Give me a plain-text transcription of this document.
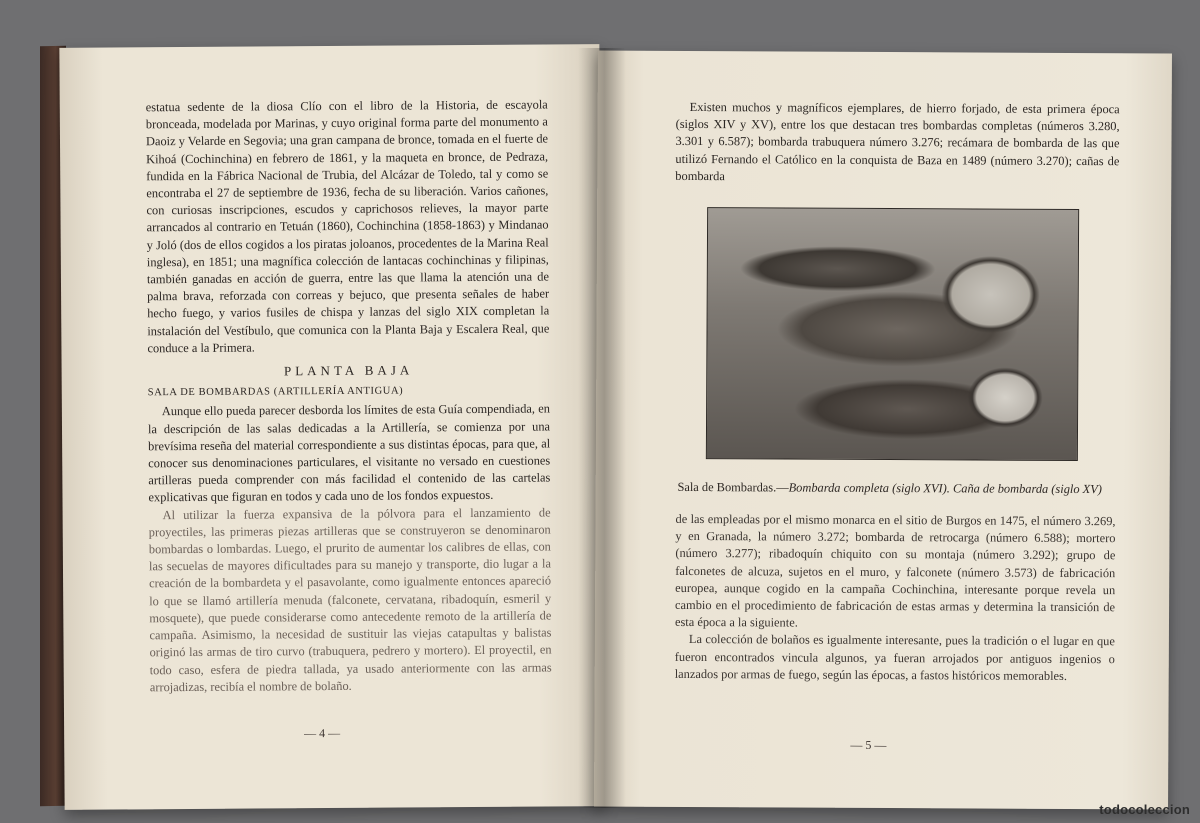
estatua sedente de la diosa Clío con el libro de la Historia, de escayola bronceada, modelada por Marinas, y cuyo original forma parte del monumento a Daoiz y Velarde en Segovia; una gran campana de bronce, tomada en el fuerte de Kihoá (Cochinchina) en febrero de 1861, y la maqueta en bronce, de Pedraza, fundida en la Fábrica Nacional de Trubia, del Alcázar de Toledo, tal y como se encontraba el 27 de septiembre de 1936, fecha de su liberación. Varios cañones, con curiosas inscripciones, escudos y caprichosos relieves, la mayor parte arrancados al contrario en Tetuán (1860), Cochinchina (1858-1863) y Mindanao y Joló (dos de ellos cogidos a los piratas joloanos, procedentes de la Marina Real inglesa), en 1851; una magnífica colección de lantacas cochinchinas y filipinas, también ganadas en acción de guerra, entre las que llama la atención una de palma brava, reforzada con correas y bejuco, que presenta señales de haber hecho fuego, y varios fusiles de chispa y lanzas del siglo XIX completan la instalación del Vestíbulo, que comunica con la Planta Baja y Escalera Real, que conduce a la Primera.

PLANTA BAJA
SALA DE BOMBARDAS (ARTILLERÍA ANTIGUA)

Aunque ello pueda parecer desborda los límites de esta Guía compendiada, en la descripción de las salas dedicadas a la Artillería, se comienza por una brevísima reseña del material correspondiente a sus distintas épocas, para que, al conocer sus denominaciones particulares, el visitante no versado en cuestiones artilleras pueda comprender con más facilidad el contenido de las cartelas explicativas que figuran en todos y cada uno de los fondos expuestos.

Al utilizar la fuerza expansiva de la pólvora para el lanzamiento de proyectiles, las primeras piezas artilleras que se construyeron se denominaron bombardas o lombardas. Luego, el prurito de aumentar los calibres de ellas, con las secuelas de mayores dificultades para su manejo y transporte, dio lugar a la creación de la bombardeta y el pasavolante, como igualmente entonces apareció lo que se llamó artillería menuda (falconete, cervatana, ribadoquín, esmeril y mosquete), que puede considerarse como antecedente remoto de la artillería de campaña. Asimismo, la necesidad de sustituir las viejas catapultas y balistas originó las armas de tiro curvo (trabuquera, pedrero y mortero). El proyectil, en todo caso, esfera de piedra tallada, ya usado anteriormente con las armas arrojadizas, recibía el nombre de bolaño.

— 4 —

Existen muchos y magníficos ejemplares, de hierro forjado, de esta primera época (siglos XIV y XV), entre los que destacan tres bombardas completas (números 3.280, 3.301 y 6.587); bombarda trabuquera número 3.276; recámara de bombarda de las que utilizó Fernando el Católico en la conquista de Baza en 1489 (número 3.270); cañas de bombarda

Sala de Bombardas.—Bombarda completa (siglo XVI). Caña de bombarda (siglo XV)

de las empleadas por el mismo monarca en el sitio de Burgos en 1475, el número 3.269, y en Granada, la número 3.272; bombarda de retrocarga (número 6.588); mortero (número 3.277); ribadoquín chiquito con su montaja (número 3.292); grupo de falconetes de alcuza, sujetos en el muro, y falconete (número 3.573) de fabricación europea, aunque cogido en la campaña Cochinchina, interesante porque revela un cambio en el procedimiento de fabricación de estas armas y determina la transición de esta época a la siguiente.

La colección de bolaños es igualmente interesante, pues la tradición o el lugar en que fueron encontrados vincula algunos, ya fueran arrojados por antiguos ingenios o lanzados por armas de fuego, según las épocas, a fastos históricos memorables.

— 5 —
todocoleccion
